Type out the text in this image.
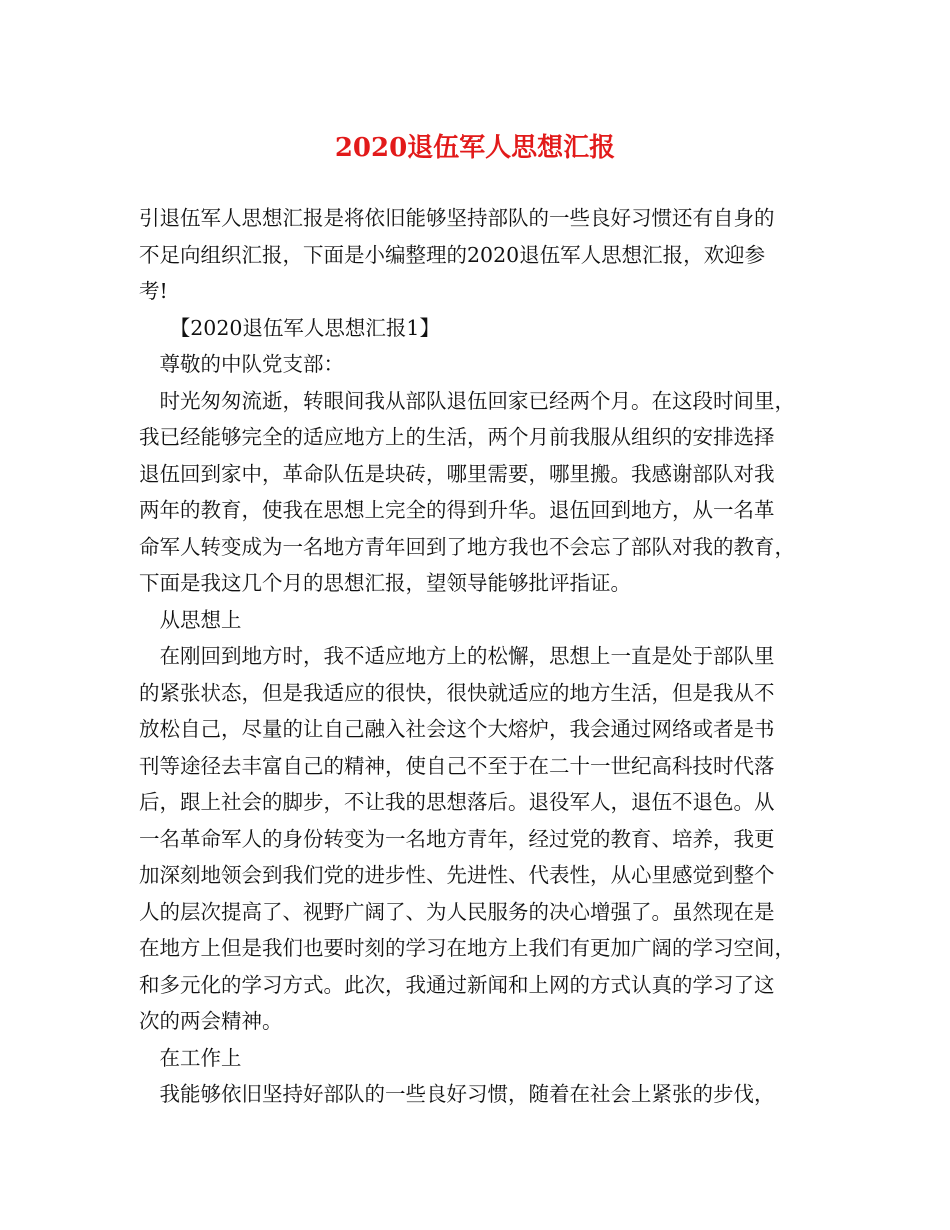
2020退伍军人思想汇报
引退伍军人思想汇报是将依旧能够坚持部队的一些良好习惯还有自身的
不足向组织汇报，下面是小编整理的2020退伍军人思想汇报，欢迎参
考!
　　【2020退伍军人思想汇报1】
　尊敬的中队党支部：
　时光匆匆流逝，转眼间我从部队退伍回家已经两个月。在这段时间里，
我已经能够完全的适应地方上的生活，两个月前我服从组织的安排选择
退伍回到家中，革命队伍是块砖，哪里需要，哪里搬。我感谢部队对我
两年的教育，使我在思想上完全的得到升华。退伍回到地方，从一名革
命军人转变成为一名地方青年回到了地方我也不会忘了部队对我的教育，
下面是我这几个月的思想汇报，望领导能够批评指证。
　从思想上
　在刚回到地方时，我不适应地方上的松懈，思想上一直是处于部队里
的紧张状态，但是我适应的很快，很快就适应的地方生活，但是我从不
放松自己，尽量的让自己融入社会这个大熔炉，我会通过网络或者是书
刊等途径去丰富自己的精神，使自己不至于在二十一世纪高科技时代落
后，跟上社会的脚步，不让我的思想落后。退役军人，退伍不退色。从
一名革命军人的身份转变为一名地方青年，经过党的教育、培养，我更
加深刻地领会到我们党的进步性、先进性、代表性，从心里感觉到整个
人的层次提高了、视野广阔了、为人民服务的决心增强了。虽然现在是
在地方上但是我们也要时刻的学习在地方上我们有更加广阔的学习空间，
和多元化的学习方式。此次，我通过新闻和上网的方式认真的学习了这
次的两会精神。
　在工作上
　我能够依旧坚持好部队的一些良好习惯，随着在社会上紧张的步伐，
